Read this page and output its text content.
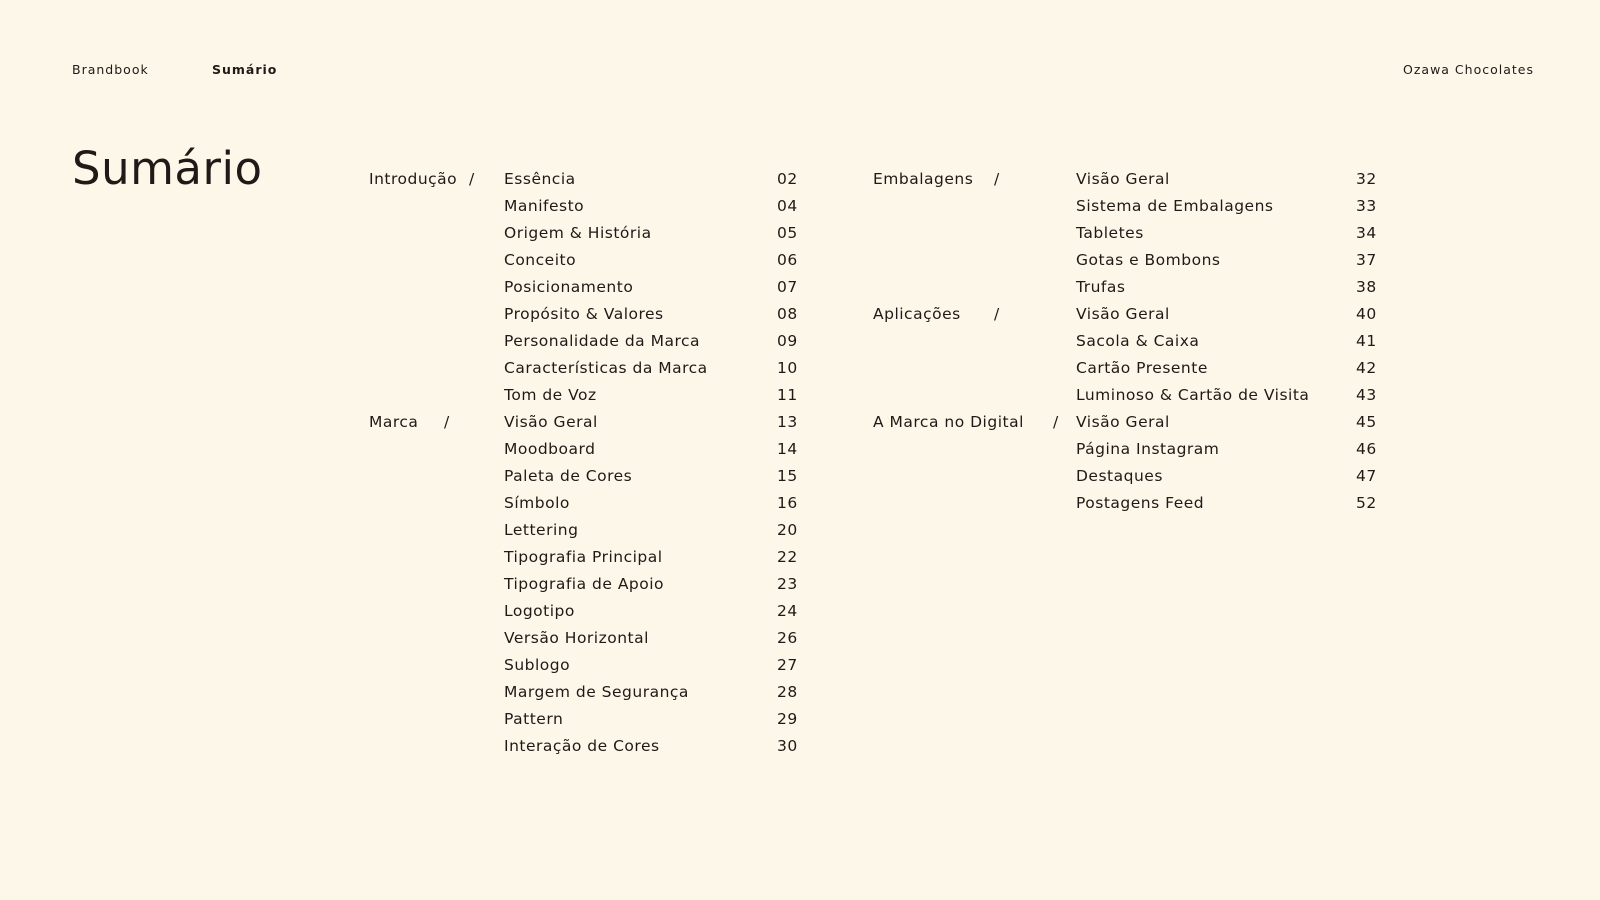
Brandbook	Sumário	Ozawa Chocolates
Sumário	Introdução / Essência	02
Manifesto	04
Origem & História	05
Conceito	06
Posicionamento	07
Propósito & Valores	08
Personalidade da Marca	09
Características da Marca	10
Tom de Voz	11
Marca /	Visão Geral	13
Moodboard	14
Paleta de Cores	15
Símbolo	16
Lettering	20
Tipografia Principal	22
Tipografia de Apoio	23
Logotipo	24
Versão Horizontal	26
Sublogo	27
Margem de Segurança	28
Pattern	29
Interação de Cores	30
Embalagens /	Visão Geral	32
Sistema de Embalagens	33
Tabletes	34
Gotas e Bombons	37
Trufas	38
Aplicações /	Visão Geral	40
Sacola & Caixa	41
Cartão Presente	42
Luminoso & Cartão de Visita	43
A Marca no Digital / Visão Geral	45
Página Instagram	46
Destaques	47
Postagens Feed	52
